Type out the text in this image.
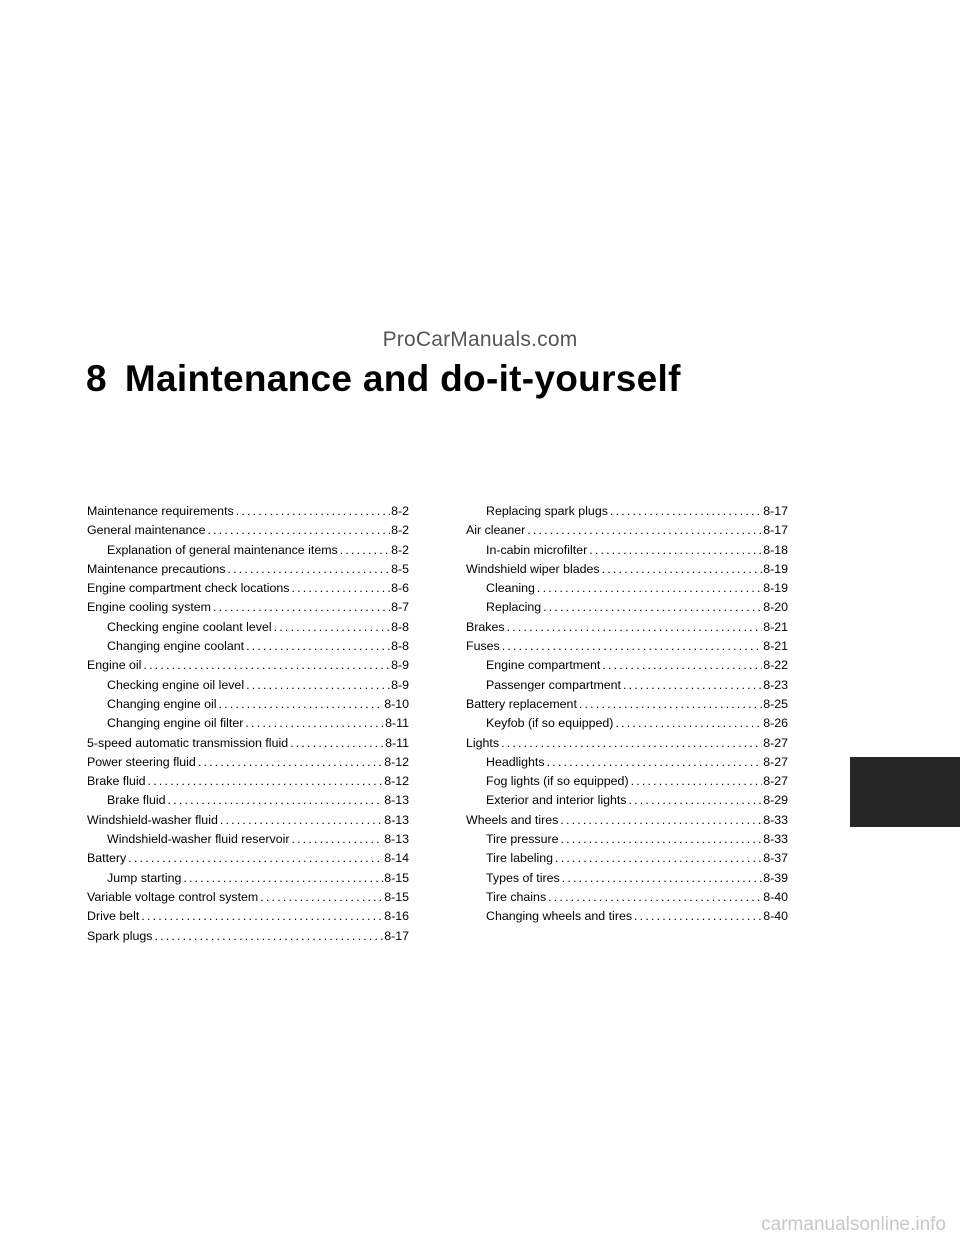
ProCarManuals.com
8 Maintenance and do-it-yourself
Maintenance requirements .....	8-2
General maintenance .....	8-2
Explanation of general maintenance items .....	8-2
Maintenance precautions .....	8-5
Engine compartment check locations .....	8-6
Engine cooling system .....	8-7
Checking engine coolant level .....	8-8
Changing engine coolant .....	8-8
Engine oil .....	8-9
Checking engine oil level .....	8-9
Changing engine oil .....	8-10
Changing engine oil filter .....	8-11
5-speed automatic transmission fluid .....	8-11
Power steering fluid .....	8-12
Brake fluid .....	8-12
Brake fluid .....	8-13
Windshield-washer fluid .....	8-13
Windshield-washer fluid reservoir .....	8-13
Battery .....	8-14
Jump starting .....	8-15
Variable voltage control system .....	8-15
Drive belt .....	8-16
Spark plugs .....	8-17
Replacing spark plugs .....	8-17
Air cleaner .....	8-17
In-cabin microfilter .....	8-18
Windshield wiper blades .....	8-19
Cleaning .....	8-19
Replacing .....	8-20
Brakes .....	8-21
Fuses .....	8-21
Engine compartment .....	8-22
Passenger compartment .....	8-23
Battery replacement .....	8-25
Keyfob (if so equipped) .....	8-26
Lights .....	8-27
Headlights .....	8-27
Fog lights (if so equipped) .....	8-27
Exterior and interior lights .....	8-29
Wheels and tires .....	8-33
Tire pressure .....	8-33
Tire labeling .....	8-37
Types of tires .....	8-39
Tire chains .....	8-40
Changing wheels and tires .....	8-40
carmanualsonline.info
